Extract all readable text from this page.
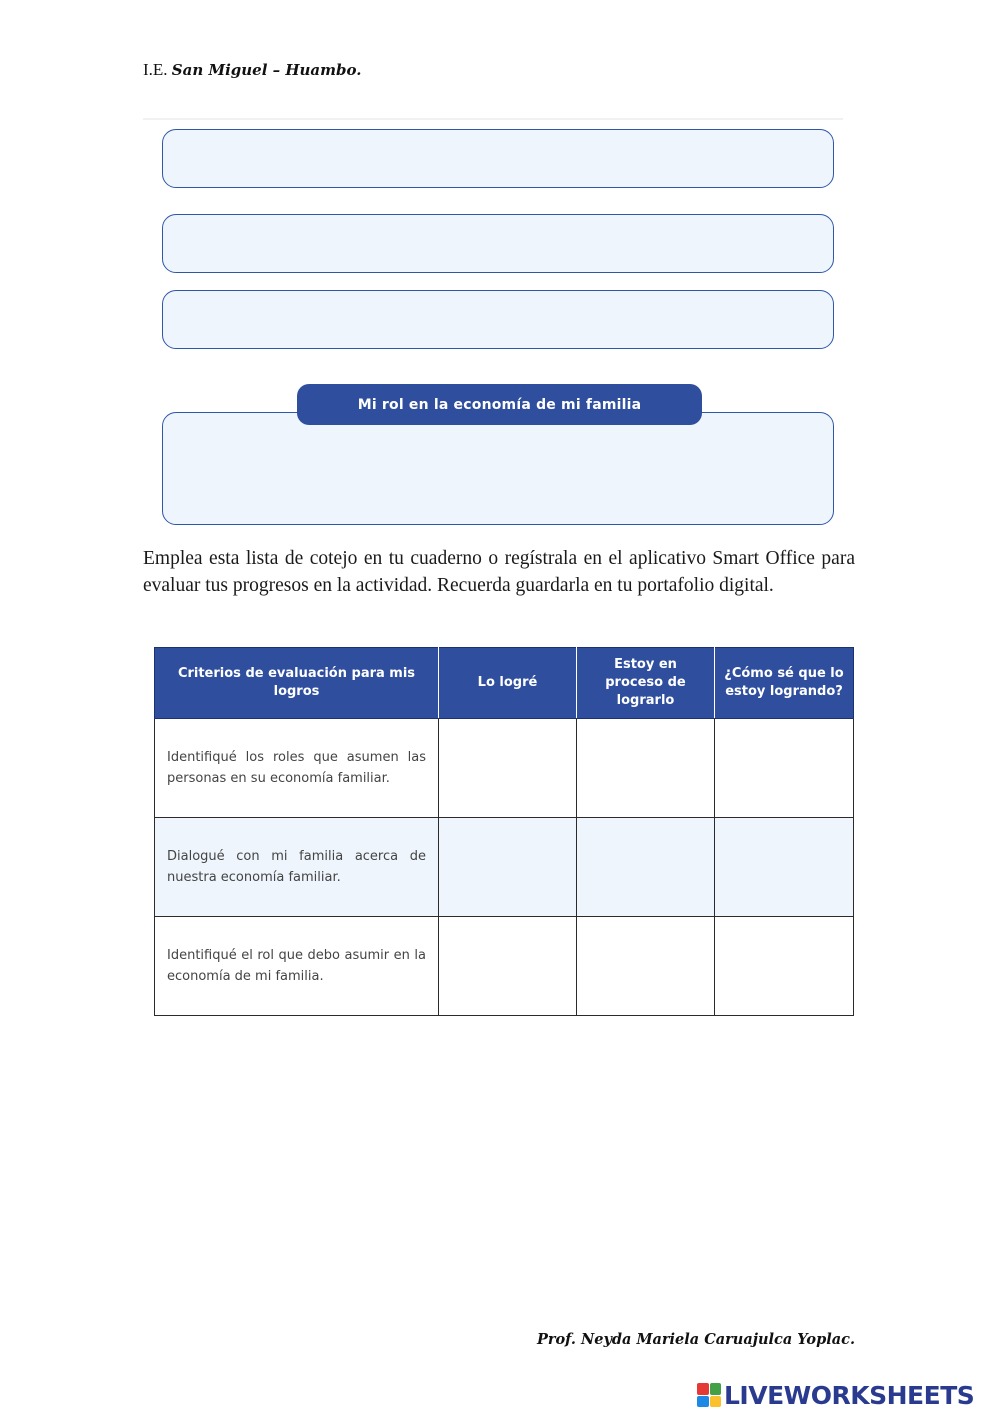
I.E. San Miguel – Huambo.
Mi rol en la economía de mi familia

Emplea esta lista de cotejo en tu cuaderno o regístrala en el aplicativo Smart Office para evaluar tus progresos en la actividad. Recuerda guardarla en tu portafolio digital.

Criterios de evaluación para mis logros	Lo logré	Estoy en proceso de lograrlo	¿Cómo sé que lo estoy logrando?
Identifiqué los roles que asumen las personas en su economía familiar.			
Dialogué con mi familia acerca de nuestra economía familiar.			
Identifiqué el rol que debo asumir en la economía de mi familia.			
Prof. Neyda Mariela Caruajulca Yoplac.
LIVEWORKSHEETS
